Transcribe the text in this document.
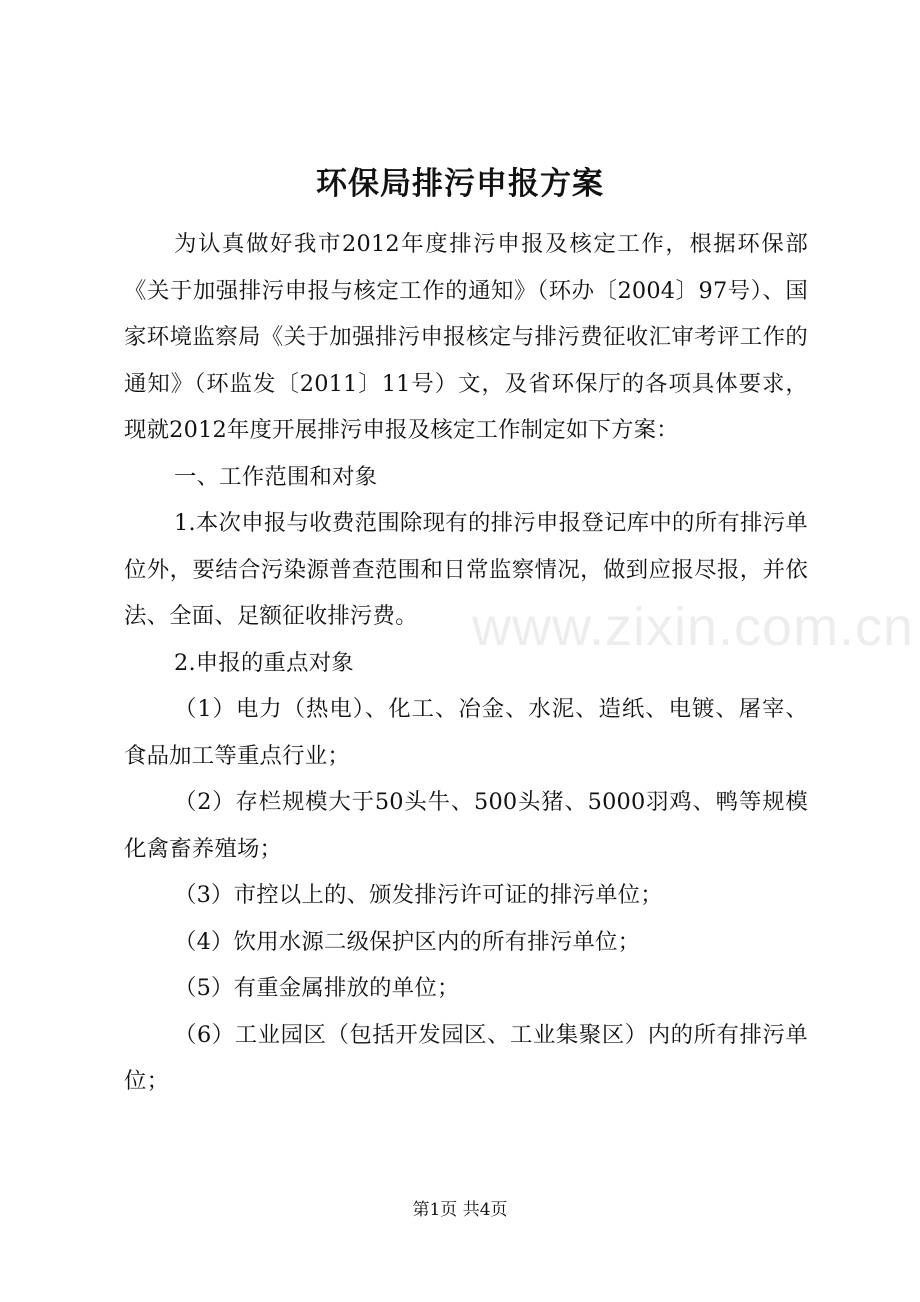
环保局排污申报方案

为认真做好我市2012年度排污申报及核定工作，根据环保部《关于加强排污申报与核定工作的通知》（环办〔2004〕97号）、国家环境监察局《关于加强排污申报核定与排污费征收汇审考评工作的通知》（环监发〔2011〕11号）文，及省环保厅的各项具体要求，现就2012年度开展排污申报及核定工作制定如下方案：

一、工作范围和对象

1.本次申报与收费范围除现有的排污申报登记库中的所有排污单位外，要结合污染源普查范围和日常监察情况，做到应报尽报，并依法、全面、足额征收排污费。

2.申报的重点对象

（1）电力（热电）、化工、冶金、水泥、造纸、电镀、屠宰、食品加工等重点行业；

（2）存栏规模大于50头牛、500头猪、5000羽鸡、鸭等规模化禽畜养殖场；

（3）市控以上的、颁发排污许可证的排污单位；

（4）饮用水源二级保护区内的所有排污单位；

（5）有重金属排放的单位；

（6）工业园区（包括开发园区、工业集聚区）内的所有排污单位；

www.zixin.com.cn
第1页 共4页
